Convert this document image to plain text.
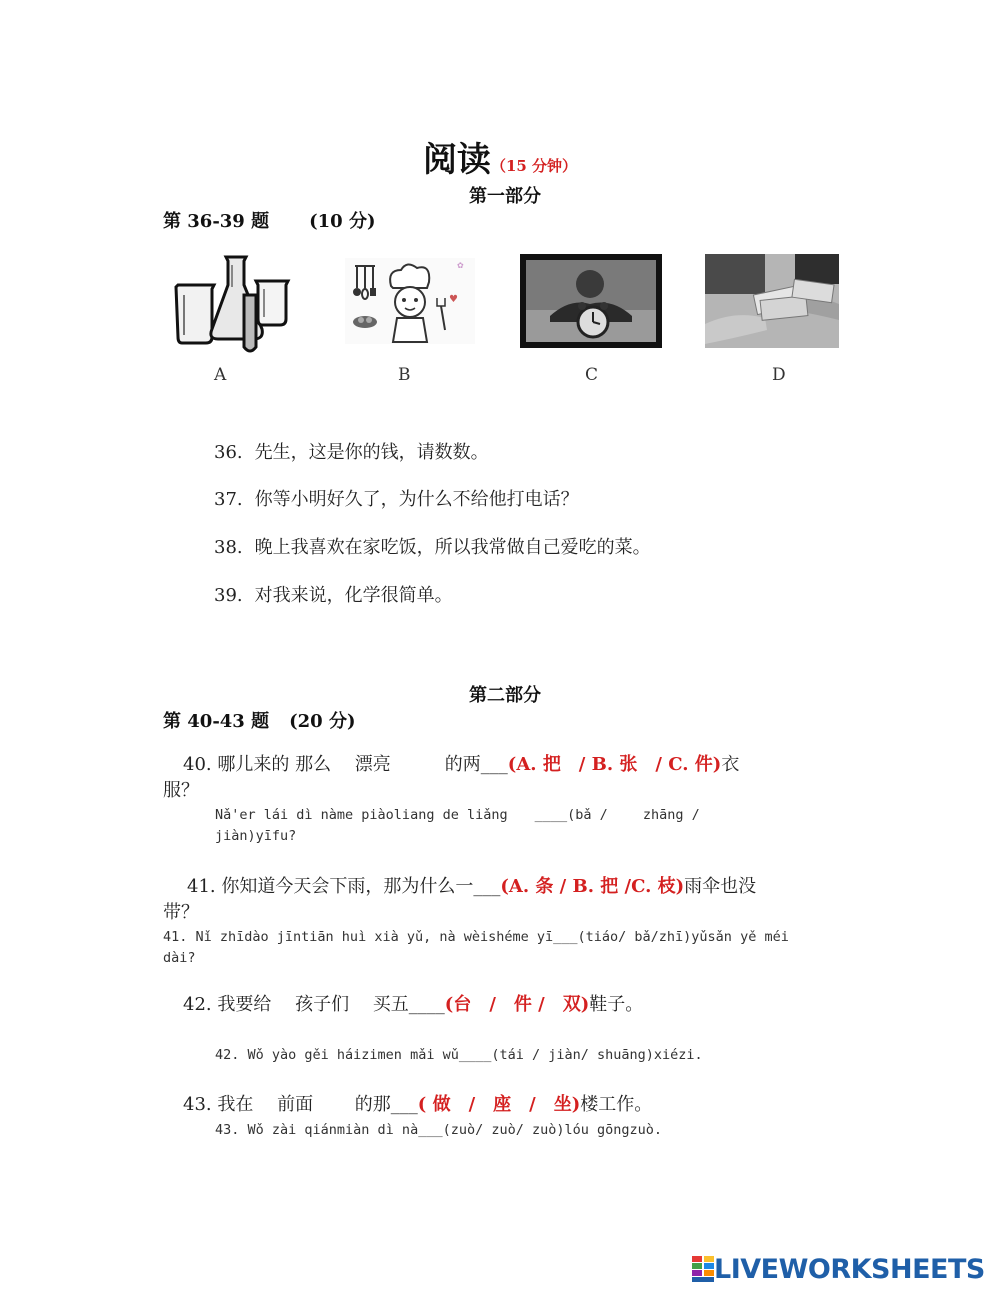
阅读（15 分钟）
第一部分
第 36-39 题 (10 分)
♥
✿
A	B	C	D
36. 先生，这是你的钱，请数数。
37. 你等小明好久了，为什么不给他打电话？
38. 晚上我喜欢在家吃饭，所以我常做自己爱吃的菜。
39. 对我来说，化学很简单。
第二部分
第 40-43 题 (20 分)
40. 哪儿来的 那么　 漂亮　　　的两___(A. 把　/ B. 张　/ C. 件)衣
服？
Nǎ'er lái dì nàme piàoliang de liǎng　　____(bǎ /　　 zhāng /
jiàn)yīfu?
41. 你知道今天会下雨，那为什么一___(A. 条 / B. 把 /C. 枝)雨伞也没
带？
41. Nǐ zhīdào jīntiān huì xià yǔ, nà wèishéme yī___(tiáo/ bǎ/zhī)yǔsǎn yě méi
dài?
42. 我要给　 孩子们　 买五____(台　/　件 /　双)鞋子。
42. Wǒ yào gěi háizimen mǎi wǔ____(tái / jiàn/ shuāng)xiézi.
43. 我在　 前面　　 的那___( 做　/　座　/　坐)楼工作。
43. Wǒ zài qiánmiàn dì nà___(zuò/ zuò/ zuò)lóu gōngzuò.
LIVEWORKSHEETS
